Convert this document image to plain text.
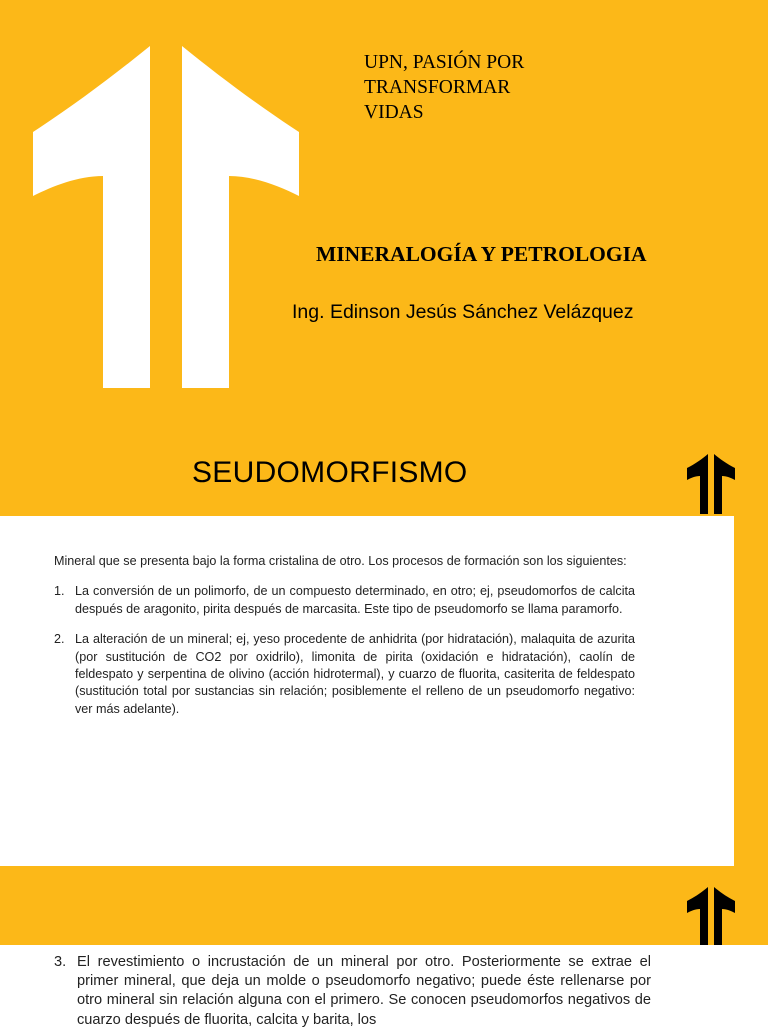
UPN, PASIÓN POR
TRANSFORMAR
VIDAS
MINERALOGÍA Y PETROLOGIA
Ing. Edinson Jesús Sánchez Velázquez
SEUDOMORFISMO

Mineral que se presenta bajo la forma cristalina de otro. Los procesos de formación son los siguientes:

1. La conversión de un polimorfo, de un compuesto determinado, en otro; ej, pseudomorfos de calcita después de aragonito, pirita después de marcasita. Este tipo de pseudomorfo se llama paramorfo.
2. La alteración de un mineral; ej, yeso procedente de anhidrita (por hidratación), malaquita de azurita (por sustitución de CO2 por oxidrilo), limonita de pirita (oxidación e hidratación), caolín de feldespato y serpentina de olivino (acción hidrotermal), y cuarzo de fluorita, casiterita de feldespato (sustitución total por sustancias sin relación; posiblemente el relleno de un pseudomorfo negativo: ver más adelante).
3. El revestimiento o incrustación de un mineral por otro. Posteriormente se extrae el primer mineral, que deja un molde o pseudomorfo negativo; puede éste rellenarse por otro mineral sin relación alguna con el primero. Se conocen pseudomorfos negativos de cuarzo después de fluorita, calcita y barita, los
